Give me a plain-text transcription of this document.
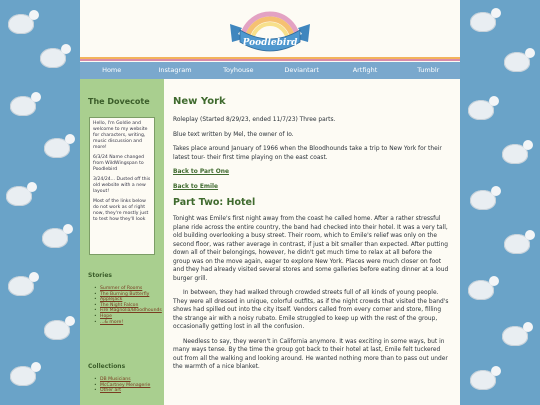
Poodlebird
Home	Instagram	Toyhouse	Deviantart	Artfight	Tumblr
The Dovecote

Hello, I'm Goldie and welcome to my website for characters, writing, music discussion and more!

6/3/24 Name changed from WildWingspan to Poodlebird

3/24/24... Dusted off this old website with a new layout!

Most of the links below do not work as of right now, they're mostly just to test how they'll look

Stories
• Summer of Rooms
• The Burning Butterfly
• Applejack
• The Night Falcon
• Fire Magnolia/Bloodhounds
• Hope
• ...& more!
Collections
• DB Musicians
• McCartney Menagerie
• Other art
New York

Roleplay (Started 8/29/23, ended 11/7/23) Three parts.

Blue text written by Mel, the owner of Io.

Takes place around January of 1966 when the Bloodhounds take a trip to New York for their latest tour- their first time playing on the east coast.

Back to Part One

Back to Emile

Part Two: Hotel

Tonight was Emile's first night away from the coast he called home. After a rather stressful plane ride across the entire country, the band had checked into their hotel. It was a very tall, old building overlooking a busy street. Their room, which to Emile's relief was only on the second floor, was rather average in contrast, if just a bit smaller than expected. After putting down all of their belongings, however, he didn't get much time to relax at all before the group was on the move again, eager to explore New York. Places were much closer on foot and they had already visited several stores and some galleries before eating dinner at a loud burger grill.

In between, they had walked through crowded streets full of all kinds of young people. They were all dressed in unique, colorful outfits, as if the night crowds that visited the band's shows had spilled out into the city itself. Vendors called from every corner and store, filling the strange air with a noisy rubato. Emile struggled to keep up with the rest of the group, occasionally getting lost in all the confusion.

Needless to say, they weren't in California anymore. It was exciting in some ways, but in many ways tense. By the time the group got back to their hotel at last, Emile felt tuckered out from all the walking and looking around. He wanted nothing more than to pass out under the warmth of a nice blanket.
